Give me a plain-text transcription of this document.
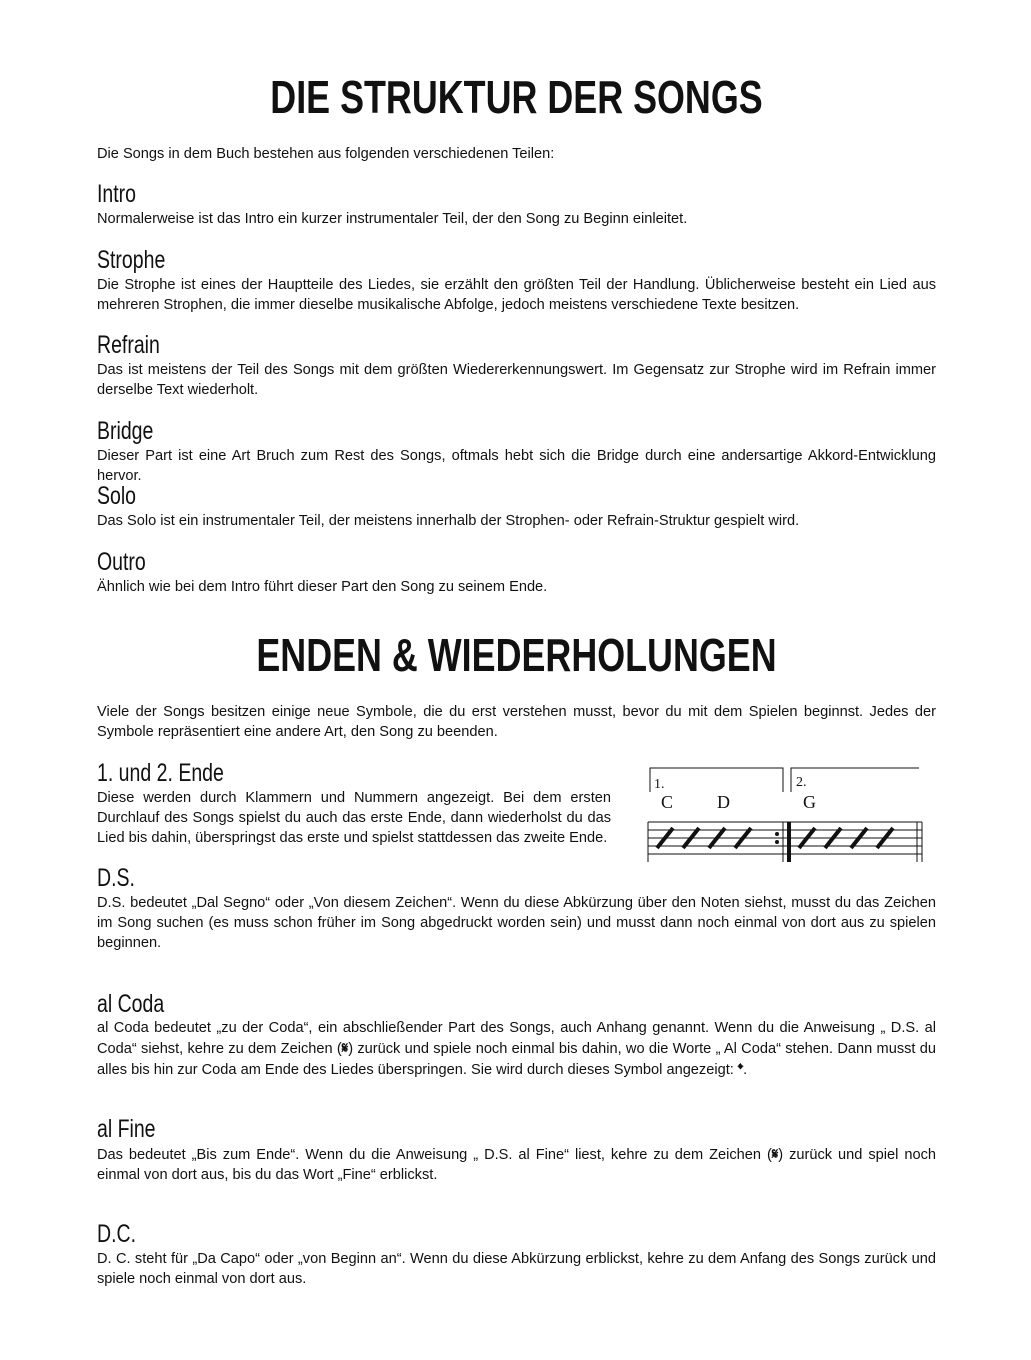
DIE STRUKTUR DER SONGS

Die Songs in dem Buch bestehen aus folgenden verschiedenen Teilen:

Intro

Normalerweise ist das Intro ein kurzer instrumentaler Teil, der den Song zu Beginn einleitet.

Strophe

Die Strophe ist eines der Hauptteile des Liedes, sie erzählt den größten Teil der Handlung. Üblicherweise besteht ein Lied aus mehreren Strophen, die immer dieselbe musikalische Abfolge, jedoch meistens verschiedene Texte besitzen.

Refrain

Das ist meistens der Teil des Songs mit dem größten Wiedererkennungswert. Im Gegensatz zur Strophe wird im Refrain immer derselbe Text wiederholt.

Bridge

Dieser Part ist eine Art Bruch zum Rest des Songs, oftmals hebt sich die Bridge durch eine andersartige Akkord-Entwicklung hervor.

Solo

Das Solo ist ein instrumentaler Teil, der meistens innerhalb der Strophen- oder Refrain-Struktur gespielt wird.

Outro

Ähnlich wie bei dem Intro führt dieser Part den Song zu seinem Ende.

ENDEN & WIEDERHOLUNGEN

Viele der Songs besitzen einige neue Symbole, die du erst verstehen musst, bevor du mit dem Spielen beginnst. Jedes der Symbole repräsentiert eine andere Art, den Song zu beenden.

1. und 2. Ende

Diese werden durch Klammern und Nummern angezeigt. Bei dem ersten Durchlauf des Songs spielst du auch das erste Ende, dann wiederholst du das Lied bis dahin, überspringst das erste und spielst stattdessen das zweite Ende.

1.	2.
C D	G
D.S.

D.S. bedeutet „Dal Segno“ oder „Von diesem Zeichen“. Wenn du diese Abkürzung über den Noten siehst, musst du das Zeichen im Song suchen (es muss schon früher im Song abgedruckt worden sein) und musst dann noch einmal von dort aus zu spielen beginnen.

al Coda

al Coda bedeutet „zu der Coda“, ein abschließender Part des Songs, auch Anhang genannt. Wenn du die Anweisung „ D.S. al Coda“ siehst, kehre zu dem Zeichen (𝄋) zurück und spiele noch einmal bis dahin, wo die Worte „ Al Coda“ stehen. Dann musst du alles bis hin zur Coda am Ende des Liedes überspringen. Sie wird durch dieses Symbol angezeigt: 𝄌.

al Fine

Das bedeutet „Bis zum Ende“. Wenn du die Anweisung „ D.S. al Fine“ liest, kehre zu dem Zeichen (𝄋) zurück und spiel noch einmal von dort aus, bis du das Wort „Fine“ erblickst.

D.C.

D. C. steht für „Da Capo“ oder „von Beginn an“. Wenn du diese Abkürzung erblickst, kehre zu dem Anfang des Songs zurück und spiele noch einmal von dort aus.
